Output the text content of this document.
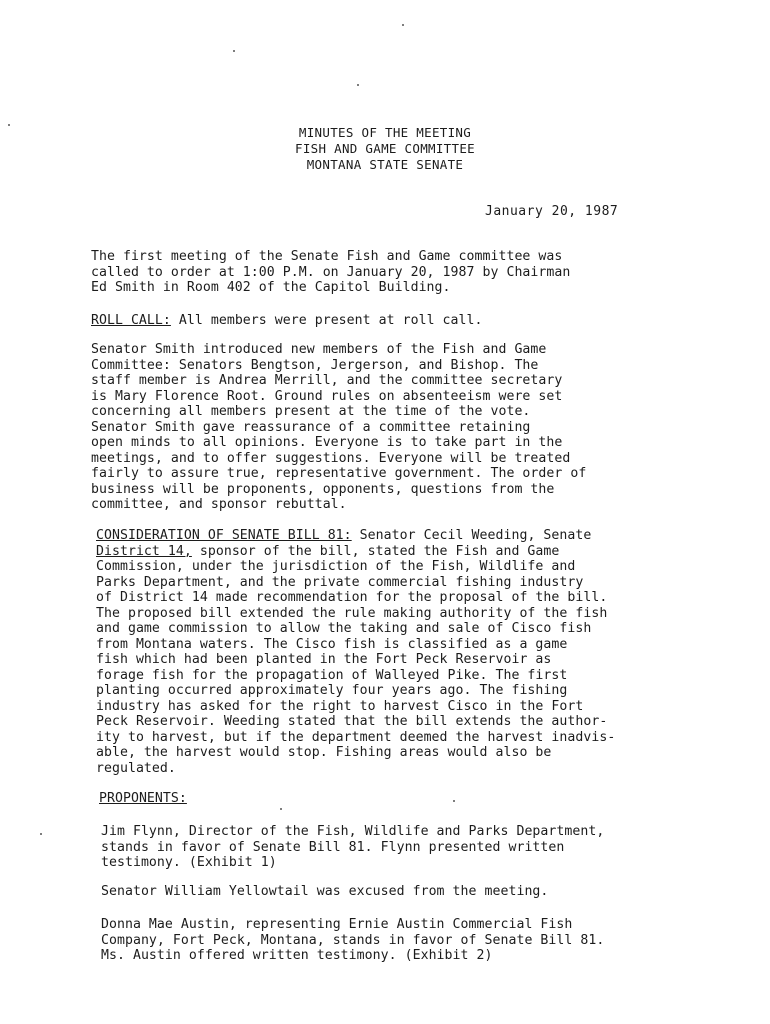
MINUTES OF THE MEETING
FISH AND GAME COMMITTEE
MONTANA STATE SENATE
January 20, 1987
The first meeting of the Senate Fish and Game committee was
called to order at 1:00 P.M. on January 20, 1987 by Chairman
Ed Smith in Room 402 of the Capitol Building.
ROLL CALL: All members were present at roll call.
Senator Smith introduced new members of the Fish and Game
Committee: Senators Bengtson, Jergerson, and Bishop. The
staff member is Andrea Merrill, and the committee secretary
is Mary Florence Root. Ground rules on absenteeism were set
concerning all members present at the time of the vote.
Senator Smith gave reassurance of a committee retaining
open minds to all opinions. Everyone is to take part in the
meetings, and to offer suggestions. Everyone will be treated
fairly to assure true, representative government. The order of
business will be proponents, opponents, questions from the
committee, and sponsor rebuttal.
CONSIDERATION OF SENATE BILL 81: Senator Cecil Weeding, Senate
District 14, sponsor of the bill, stated the Fish and Game
Commission, under the jurisdiction of the Fish, Wildlife and
Parks Department, and the private commercial fishing industry
of District 14 made recommendation for the proposal of the bill.
The proposed bill extended the rule making authority of the fish
and game commission to allow the taking and sale of Cisco fish
from Montana waters. The Cisco fish is classified as a game
fish which had been planted in the Fort Peck Reservoir as
forage fish for the propagation of Walleyed Pike. The first
planting occurred approximately four years ago. The fishing
industry has asked for the right to harvest Cisco in the Fort
Peck Reservoir. Weeding stated that the bill extends the author-
ity to harvest, but if the department deemed the harvest inadvis-
able, the harvest would stop. Fishing areas would also be
regulated.
PROPONENTS:
Jim Flynn, Director of the Fish, Wildlife and Parks Department,
stands in favor of Senate Bill 81. Flynn presented written
testimony. (Exhibit 1)
Senator William Yellowtail was excused from the meeting.
Donna Mae Austin, representing Ernie Austin Commercial Fish
Company, Fort Peck, Montana, stands in favor of Senate Bill 81.
Ms. Austin offered written testimony. (Exhibit 2)
